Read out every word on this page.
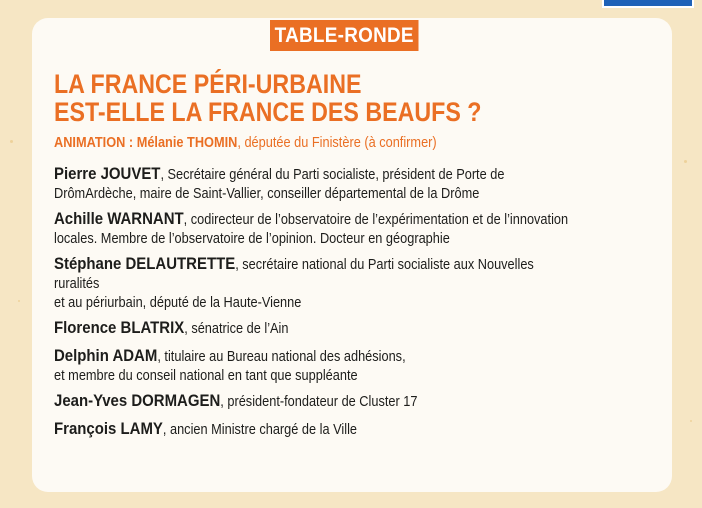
TABLE-RONDE
LA FRANCE PÉRI-URBAINE
EST-ELLE LA FRANCE DES BEAUFS ?
ANIMATION : Mélanie THOMIN, députée du Finistère (à confirmer)
Pierre JOUVET, Secrétaire général du Parti socialiste, président de Porte de
DrômArdèche, maire de Saint-Vallier, conseiller départemental de la Drôme
Achille WARNANT, codirecteur de l’observatoire de l’expérimentation et de l’innovation
locales. Membre de l’observatoire de l’opinion. Docteur en géographie
Stéphane DELAUTRETTE, secrétaire national du Parti socialiste aux Nouvelles
ruralités
et au périurbain, député de la Haute-Vienne
Florence BLATRIX, sénatrice de l’Ain
Delphin ADAM, titulaire au Bureau national des adhésions,
et membre du conseil national en tant que suppléante
Jean-Yves DORMAGEN, président-fondateur de Cluster 17
François LAMY, ancien Ministre chargé de la Ville
